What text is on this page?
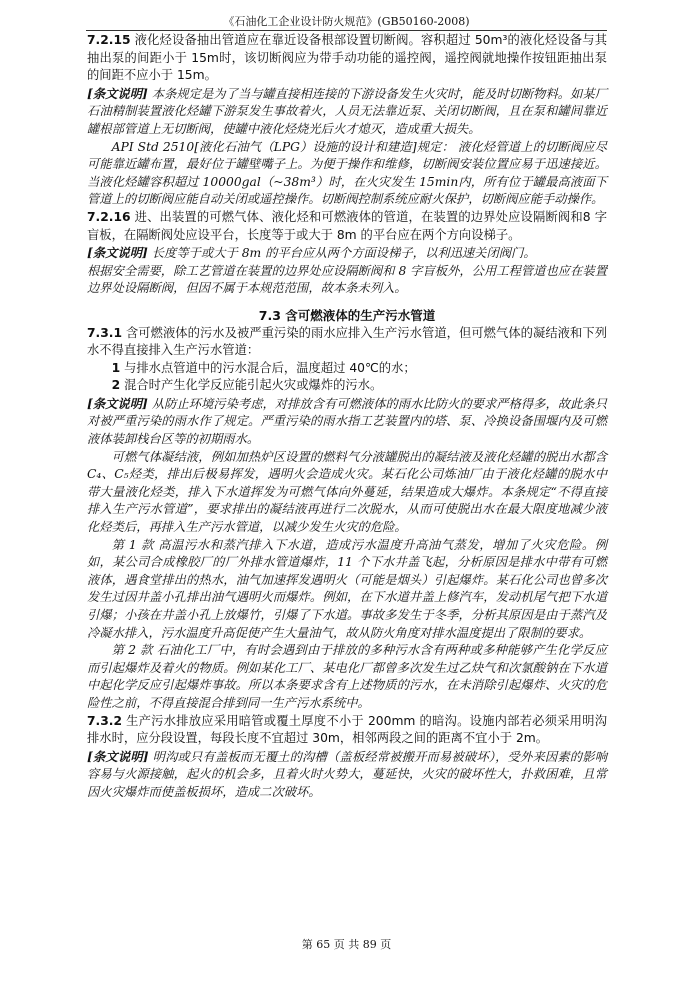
《石油化工企业设计防火规范》(GB50160-2008)

7.2.15 液化烃设备抽出管道应在靠近设备根部设置切断阀。容积超过 50m³的液化烃设备与其抽出泵的间距小于 15m时，该切断阀应为带手动功能的遥控阀，遥控阀就地操作按钮距抽出泵的间距不应小于 15m。

[条文说明] 本条规定是为了当与罐直接相连接的下游设备发生火灾时，能及时切断物料。如某厂石油精制装置液化烃罐下游泵发生事故着火，人员无法靠近泵、关闭切断阀，且在泵和罐间靠近罐根部管道上无切断阀，使罐中液化烃烧光后火才熄灭，造成重大损失。

API Std 2510[液化石油气（LPG）设施的设计和建造]规定： 液化烃管道上的切断阀应尽可能靠近罐布置，最好位于罐壁嘴子上。为便于操作和维修，切断阀安装位置应易于迅速接近。当液化烃罐容积超过 10000gal（~38m³）时，在火灾发生 15min内，所有位于罐最高液面下管道上的切断阀应能自动关闭或遥控操作。切断阀控制系统应耐火保护，切断阀应能手动操作。

7.2.16 进、出装置的可燃气体、液化烃和可燃液体的管道，在装置的边界处应设隔断阀和8 字盲板，在隔断阀处应设平台，长度等于或大于 8m 的平台应在两个方向设梯子。

[条文说明] 长度等于或大于 8m 的平台应从两个方面设梯子，以利迅速关闭阀门。

根据安全需要，除工艺管道在装置的边界处应设隔断阀和 8 字盲板外，公用工程管道也应在装置边界处设隔断阀，但因不属于本规范范围，故本条未列入。

7.3 含可燃液体的生产污水管道

7.3.1 含可燃液体的污水及被严重污染的雨水应排入生产污水管道，但可燃气体的凝结液和下列水不得直接排入生产污水管道：

1 与排水点管道中的污水混合后，温度超过 40℃的水；

2 混合时产生化学反应能引起火灾或爆炸的污水。

[条文说明] 从防止环境污染考虑，对排放含有可燃液体的雨水比防火的要求严格得多，故此条只对被严重污染的雨水作了规定。严重污染的雨水指工艺装置内的塔、泵、冷换设备围堰内及可燃液体装卸栈台区等的初期雨水。

可燃气体凝结液，例如加热炉区设置的燃料气分液罐脱出的凝结液及液化烃罐的脱出水都含C₄、C₅烃类，排出后极易挥发，遇明火会造成火灾。某石化公司炼油厂由于液化烃罐的脱水中带大量液化烃类，排入下水道挥发为可燃气体向外蔓延，结果造成大爆炸。本条规定“不得直接排入生产污水管道”，要求排出的凝结液再进行二次脱水，从而可使脱出水在最大限度地减少液化烃类后，再排入生产污水管道，以减少发生火灾的危险。

第 1 款 高温污水和蒸汽排入下水道，造成污水温度升高油气蒸发，增加了火灾危险。例如，某公司合成橡胶厂的厂外排水管道爆炸，11 个下水井盖飞起，分析原因是排水中带有可燃液体，遇食堂排出的热水，油气加速挥发遇明火（可能是烟头）引起爆炸。某石化公司也曾多次发生过因井盖小孔排出油气遇明火而爆炸。例如，在下水道井盖上修汽车，发动机尾气把下水道引爆；小孩在井盖小孔上放爆竹，引爆了下水道。事故多发生于冬季，分析其原因是由于蒸汽及冷凝水排入，污水温度升高促使产生大量油气，故从防火角度对排水温度提出了限制的要求。

第 2 款 石油化工厂中，有时会遇到由于排放的多种污水含有两种或多种能够产生化学反应而引起爆炸及着火的物质。例如某化工厂、某电化厂都曾多次发生过乙炔气和次氯酸钠在下水道中起化学反应引起爆炸事故。所以本条要求含有上述物质的污水，在未消除引起爆炸、火灾的危险性之前，不得直接混合排到同一生产污水系统中。

7.3.2 生产污水排放应采用暗管或覆土厚度不小于 200mm 的暗沟。设施内部若必须采用明沟排水时，应分段设置，每段长度不宜超过 30m，相邻两段之间的距离不宜小于 2m。

[条文说明] 明沟或只有盖板而无覆土的沟槽（盖板经常被搬开而易被破坏），受外来因素的影响容易与火源接触，起火的机会多，且着火时火势大，蔓延快，火灾的破坏性大，扑救困难，且常因火灾爆炸而使盖板损坏，造成二次破坏。

第 65 页 共 89 页
